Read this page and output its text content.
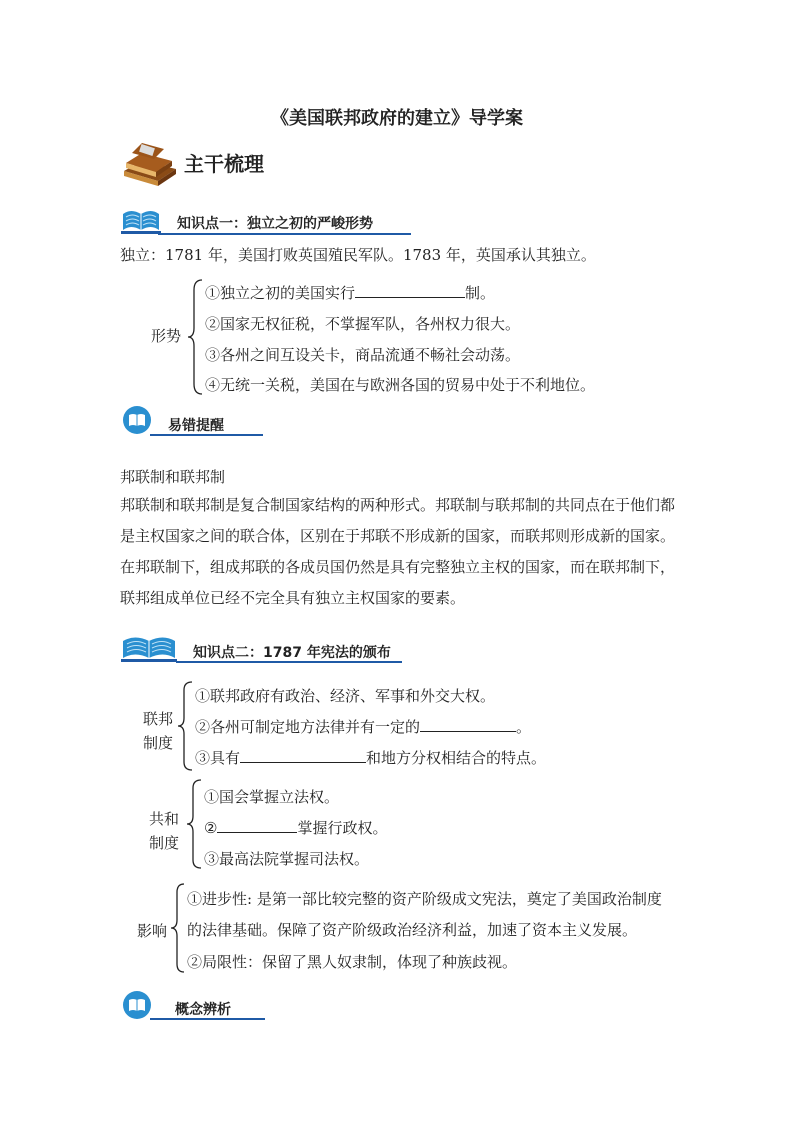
《美国联邦政府的建立》导学案
主干梳理
知识点一：独立之初的严峻形势
独立：1781 年，美国打败英国殖民军队。1783 年，英国承认其独立。
形势
①独立之初的美国实行	制。
②国家无权征税，不掌握军队，各州权力很大。
③各州之间互设关卡，商品流通不畅社会动荡。
④无统一关税，美国在与欧洲各国的贸易中处于不利地位。
易错提醒
邦联制和联邦制
邦联制和联邦制是复合制国家结构的两种形式。邦联制与联邦制的共同点在于他们都是主权国家之间的联合体，区别在于邦联不形成新的国家，而联邦则形成新的国家。在邦联制下，组成邦联的各成员国仍然是具有完整独立主权的国家，而在联邦制下，联邦组成单位已经不完全具有独立主权国家的要素。
知识点二：1787 年宪法的颁布
联邦
制度
①联邦政府有政治、经济、军事和外交大权。
②各州可制定地方法律并有一定的	。
③具有	和地方分权相结合的特点。
共和
制度
①国会掌握立法权。
②	掌握行政权。
③最高法院掌握司法权。
影响
①进步性: 是第一部比较完整的资产阶级成文宪法，奠定了美国政治制度
的法律基础。保障了资产阶级政治经济利益，加速了资本主义发展。
②局限性：保留了黑人奴隶制，体现了种族歧视。
概念辨析
